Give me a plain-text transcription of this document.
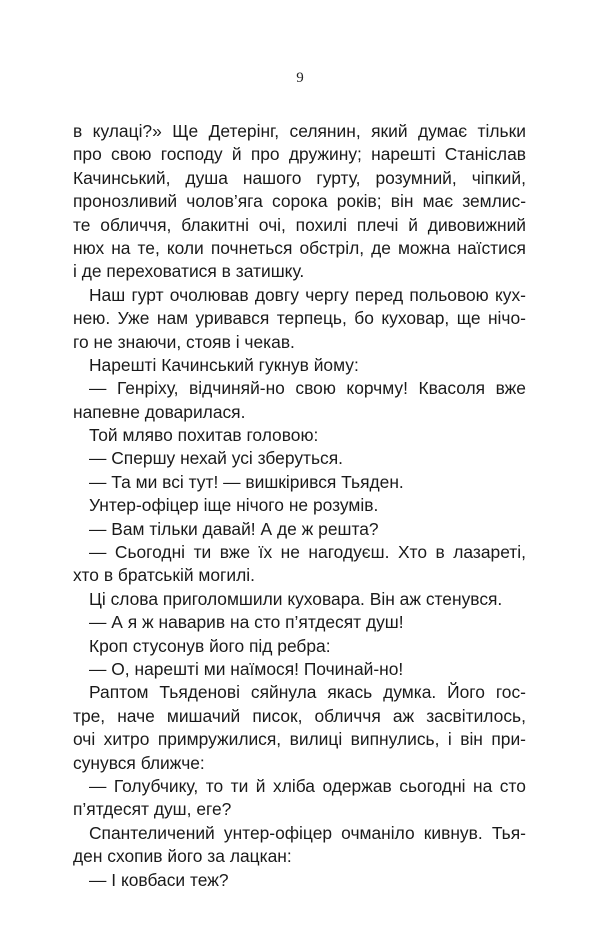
9
в кулаці?» Ще Детерінг, селянин, який думає тільки
про свою господу й про дружину; нарешті Станіслав
Качинський, душа нашого гурту, розумний, чіпкий,
пронозливий чолов’яга сорока років; він має землис-
те обличчя, блакитні очі, похилі плечі й дивовижний
нюх на те, коли почнеться обстріл, де можна наїстися
і де переховатися в затишку.
Наш гурт очолював довгу чергу перед польовою кух-
нею. Уже нам уривався терпець, бо куховар, ще нічо-
го не знаючи, стояв і чекав.
Нарешті Качинський гукнув йому:
— Генріху, відчиняй-но свою корчму! Квасоля вже
напевне доварилася.
Той мляво похитав головою:
— Спершу нехай усі зберуться.
— Та ми всі тут! — вишкірився Тьяден.
Унтер-офіцер іще нічого не розумів.
— Вам тільки давай! А де ж решта?
— Сьогодні ти вже їх не нагодуєш. Хто в лазареті,
хто в братській могилі.
Ці слова приголомшили куховара. Він аж стенувся.
— А я ж наварив на сто п’ятдесят душ!
Кроп стусонув його під ребра:
— О, нарешті ми наїмося! Починай-но!
Раптом Тьяденові сяйнула якась думка. Його гос-
тре, наче мишачий писок, обличчя аж засвітилось,
очі хитро примружилися, вилиці випнулись, і він при-
сунувся ближче:
— Голубчику, то ти й хліба одержав сьогодні на сто
п’ятдесят душ, еге?
Спантеличений унтер-офіцер очманіло кивнув. Тья-
ден схопив його за лацкан:
— І ковбаси теж?
